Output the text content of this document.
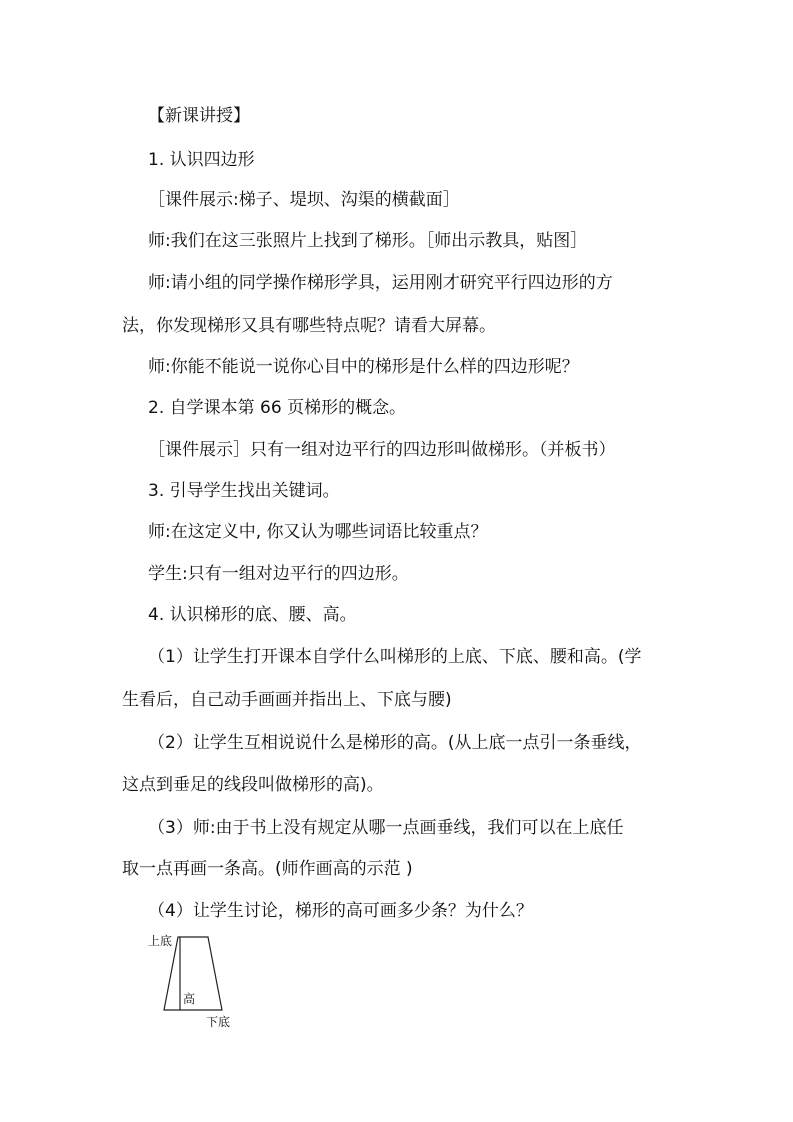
【新课讲授】
1. 认识四边形
［课件展示:梯子、堤坝、沟渠的横截面］
师:我们在这三张照片上找到了梯形。［师出示教具，贴图］
师:请小组的同学操作梯形学具，运用刚才研究平行四边形的方
法，你发现梯形又具有哪些特点呢？请看大屏幕。
师:你能不能说一说你心目中的梯形是什么样的四边形呢？
2. 自学课本第 66 页梯形的概念。
［课件展示］只有一组对边平行的四边形叫做梯形。（并板书）
3. 引导学生找出关键词。
师:在这定义中, 你又认为哪些词语比较重点？
学生:只有一组对边平行的四边形。
4. 认识梯形的底、腰、高。
（1）让学生打开课本自学什么叫梯形的上底、下底、腰和高。(学
生看后，自己动手画画并指出上、下底与腰)
（2）让学生互相说说什么是梯形的高。(从上底一点引一条垂线，
这点到垂足的线段叫做梯形的高)。
（3）师:由于书上没有规定从哪一点画垂线，我们可以在上底任
取一点再画一条高。(师作画高的示范 )
（4）让学生讨论，梯形的高可画多少条？为什么？
上底
高
下底
